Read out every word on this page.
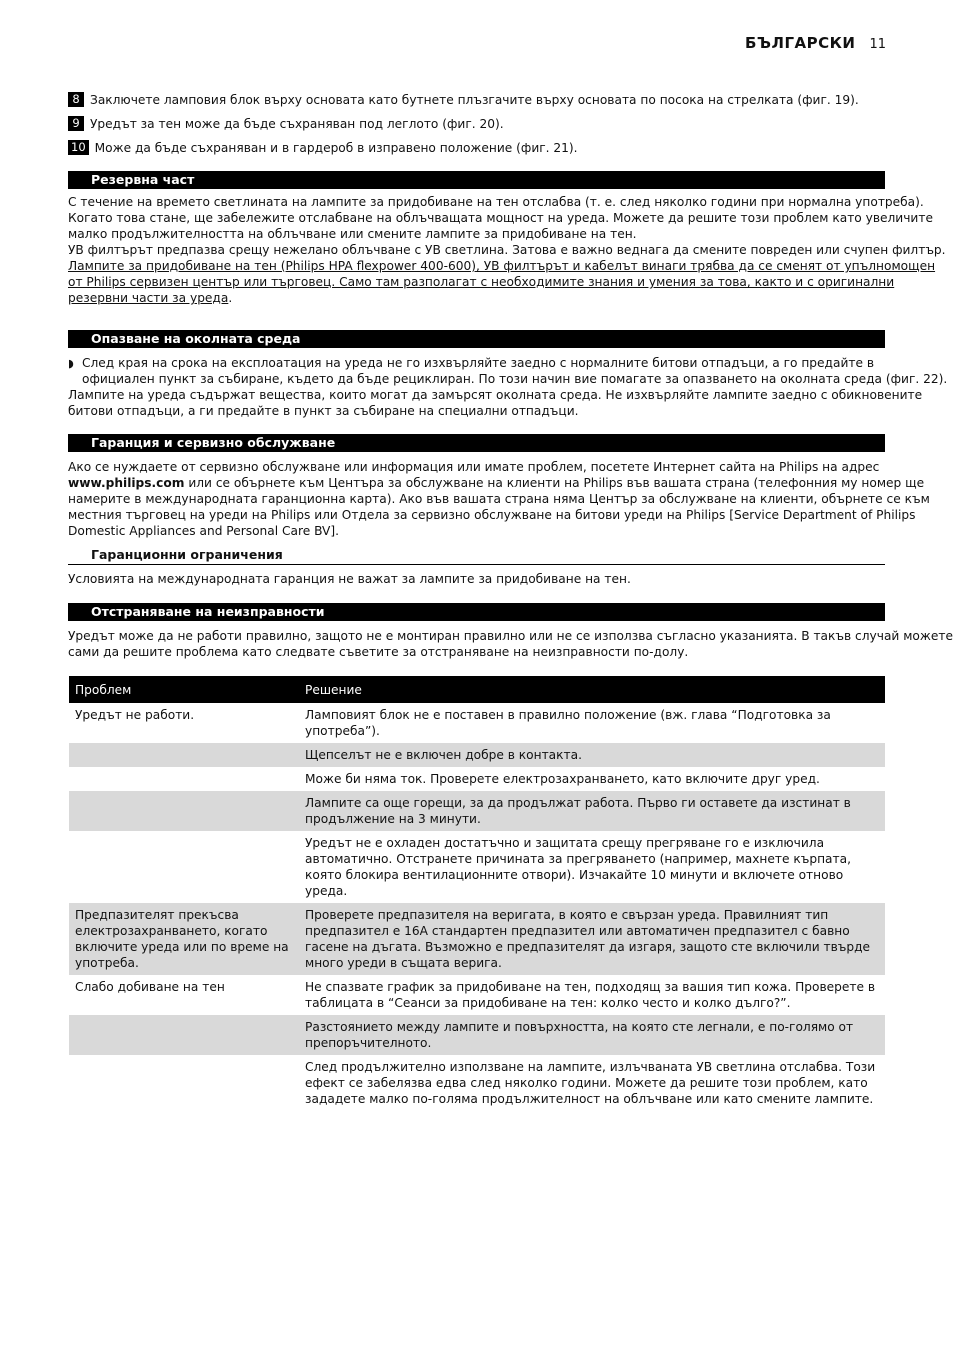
БЪЛГАРСКИ 11
8 Заключете лампoвия блок върху основата като бутнете плъзгачите върху основата по посока на стрелката (фиг. 19).
9 Уредът за тен може да бъде съхраняван под леглото (фиг. 20).
10 Може да бъде съхраняван и в гардероб в изправено положение (фиг. 21).
Резервна част

С течение на времето светлината на лампите за придобиване на тен отслабва (т. е. след няколко години при нормална употреба).

Когато това стане, ще забележите отслабване на облъчващата мощност на уреда. Можете да решите този проблем като увеличите

малко продължителността на облъчване или смените лампите за придобиване на тен.

УВ филтърът предпазва срещу нежелано облъчване с УВ светлина. Затова е важно веднага да смените повреден или счупен филтър.

Лампите за придобиване на тен (Philips HPA flexpower 400-600), УВ филтърът и кабелът винаги трябва да се сменят от упълномощен

от Philips сервизен център или търговец. Само там разполагат с необходимите знания и умения за това, както и с оригинални

резервни части за уреда.

Опазване на околната среда
◗ След края на срока на експлоатация на уреда не го изхвърляйте заедно с нормалните битови отпадъци, а го предайте в

официален пункт за събиране, където да бъде рециклиран. По този начин вие помагате за опазването на околната среда (фиг. 22).

Лампите на уреда съдържат вещества, които могат да замърсят околната среда. Не изхвърляйте лампите заедно с обикновените

битови отпадъци, а ги предайте в пункт за събиране на специални отпадъци.

Гаранция и сервизно обслужване

Ако се нуждаете от сервизно обслужване или информация или имате проблем, посетете Интернет сайта на Philips на адрес

www.philips.com или се обърнете към Центъра за обслужване на клиенти на Philips във вашата страна (телефонния му номер ще

намерите в международната гаранционна карта). Ако във вашата страна няма Център за обслужване на клиенти, обърнете се към

местния търговец на уреди на Philips или Отдела за сервизно обслужване на битови уреди на Philips [Service Department of Philips

Domestic Appliances and Personal Care BV].

Гаранционни ограничения

Условията на международната гаранция не важат за лампите за придобиване на тен.

Отстраняване на неизправности

Уредът може да не работи правилно, защото не е монтиран правилно или не се използва съгласно указанията. В такъв случай можете

сами да решите проблема като следвате съветите за отстраняване на неизправности по-долу.

Проблем	Решение
Уредът не работи.	Лампoвият блок не е поставен в правилно положение (вж. глава “Подготовка за употреба”).
	Щепселът не е включен добре в контакта.
	Може би няма ток. Проверете електрозахранването, като включите друг уред.
	Лампите са още горещи, за да продължат работа. Първо ги оставете да изстинат в продължение на 3 минути.
	Уредът не е охладен достатъчно и защитата срещу прегряване го е изключила автоматично. Отстранете причината за прегряването (например, махнете кърпата, която блокира вентилационните отвори). Изчакайте 10 минути и включете отново уреда.
Предпазителят прекъсва електрозахранването, когато включите уреда или по време на употреба.	Проверете предпазителя на веригата, в която е свързан уреда. Правилният тип предпазител е 16A стандартен предпазител или автоматичен предпазител с бавно гасене на дъгата. Възможно е предпазителят да изгаря, защото сте включили твърде много уреди в същата верига.
Слабо добиване на тен	Не спазвате график за придобиване на тен, подходящ за вашия тип кожа. Проверете в таблицата в “Сеанси за придобиване на тен: колко често и колко дълго?”.
	Разстоянието между лампите и повърхността, на която сте легнали, е по-голямо от препоръчителното.
	След продължително използване на лампите, излъчваната УВ светлина отслабва. Този ефект се забелязва едва след няколко години. Можете да решите този проблем, като зададете малко по-голяма продължителност на облъчване или като смените лампите.
